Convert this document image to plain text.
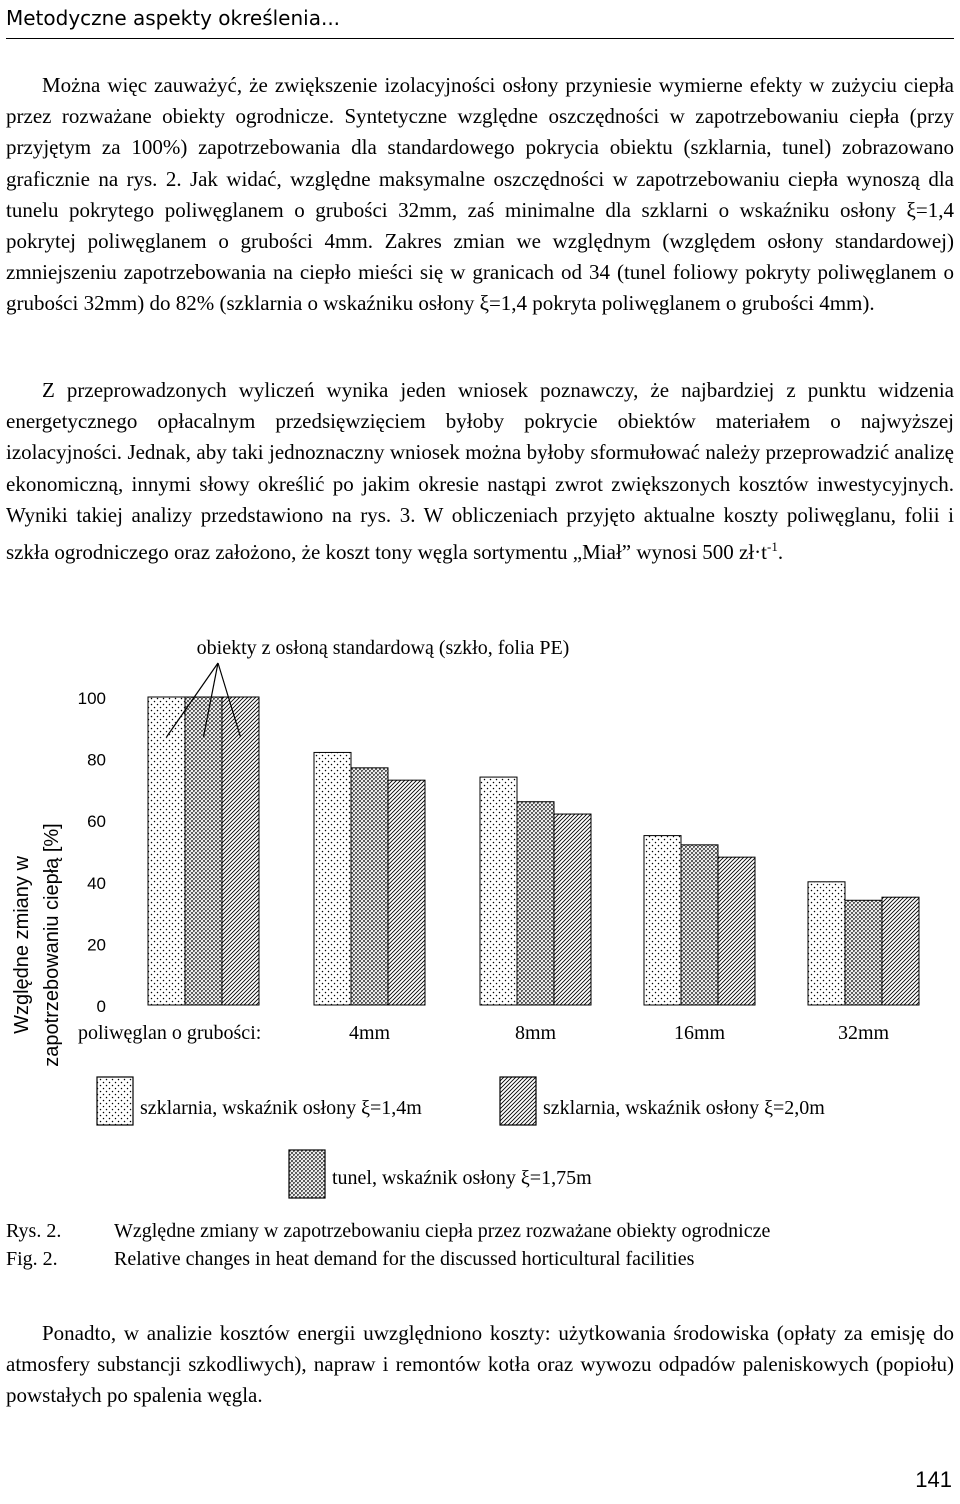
Metodyczne aspekty określenia...

Można więc zauważyć, że zwiększenie izolacyjności osłony przyniesie wymierne efekty w zużyciu ciepła przez rozważane obiekty ogrodnicze. Syntetyczne względne oszczędności w zapotrzebowaniu ciepła (przy przyjętym za 100%) zapotrzebowania dla standardowego pokrycia obiektu (szklarnia, tunel) zobrazowano graficznie na rys. 2. Jak widać, względne maksymalne oszczędności w zapotrzebowaniu ciepła wynoszą dla tunelu pokrytego poliwęglanem o grubości 32mm, zaś minimalne dla szklarni o wskaźniku osłony ξ=1,4 pokrytej poliwęglanem o grubości 4mm. Zakres zmian we względnym (względem osłony standardowej) zmniejszeniu zapotrzebowania na ciepło mieści się w granicach od 34 (tunel foliowy pokryty poliwęglanem o grubości 32mm) do 82% (szklarnia o wskaźniku osłony ξ=1,4 pokryta poliwęglanem o grubości 4mm).

Z przeprowadzonych wyliczeń wynika jeden wniosek poznawczy, że najbardziej z punktu widzenia energetycznego opłacalnym przedsięwzięciem byłoby pokrycie obiektów materiałem o najwyższej izolacyjności. Jednak, aby taki jednoznaczny wniosek można byłoby sformułować należy przeprowadzić analizę ekonomiczną, innymi słowy określić po jakim okresie nastąpi zwrot zwiększonych kosztów inwestycyjnych. Wyniki takiej analizy przedstawiono na rys. 3. W obliczeniach przyjęto aktualne koszty poliwęglanu, folii i szkła ogrodniczego oraz założono, że koszt tony węgla sortymentu „Miał” wynosi 500 $zł\cdot t^{-1}$.

Względne zmiany w zapotrzebowaniu ciepłą [%] 0
20
40
60
80
100
obiekty z osłoną standardową (szkło, folia PE)
poliwęglan o grubości:	4mm	8mm	16mm	32mm
szklarnia, wskaźnik osłony ξ=1,4m	szklarnia, wskaźnik osłony ξ=2,0m
tunel, wskaźnik osłony ξ=1,75m
Rys. 2.	Względne zmiany w zapotrzebowaniu ciepła przez rozważane obiekty ogrodnicze
Fig. 2.	Relative changes in heat demand for the discussed horticultural facilities

Ponadto, w analizie kosztów energii uwzględniono koszty: użytkowania środowiska (opłaty za emisję do atmosfery substancji szkodliwych), napraw i remontów kotła oraz wywozu odpadów paleniskowych (popiołu) powstałych po spalenia węgla.

141
